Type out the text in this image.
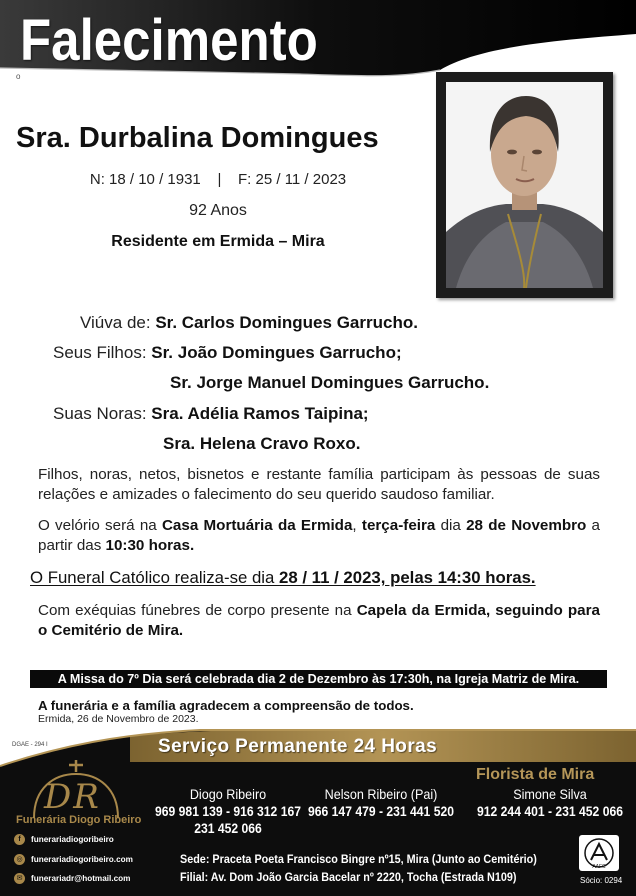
Falecimento
o
Sra. Durbalina Domingues
N: 18 / 10 / 1931    |    F: 25 / 11 / 2023
92 Anos
Residente em Ermida – Mira
Viúva de: Sr. Carlos Domingues Garrucho.
Seus Filhos: Sr. João Domingues Garrucho;
Sr. Jorge Manuel Domingues Garrucho.
Suas Noras: Sra. Adélia Ramos Taipina;
Sra. Helena Cravo Roxo.
Filhos, noras, netos, bisnetos e restante família participam às pessoas de suas relações e amizades o falecimento do seu querido saudoso familiar.
O velório será na Casa Mortuária da Ermida, terça-feira dia 28 de Novembro a partir das 10:30 horas.
O Funeral Católico realiza-se dia 28 / 11 / 2023, pelas 14:30 horas.
Com exéquias fúnebres de corpo presente na Capela da Ermida, seguindo para o Cemitério de Mira.
A Missa do 7º Dia será celebrada dia 2 de Dezembro às 17:30h, na Igreja Matriz de Mira.
A funerária e a família agradecem a compreensão de todos.
Ermida, 26 de Novembro de 2023.
DGAE - 294 I	Serviço Permanente 24 Horas
DR
Funerária Diogo Ribeiro
f	funerariadiogoribeiro
◎ funerariadiogoribeiro.com
✉	funerariadr@hotmail.com
Florista de Mira
Diogo Ribeiro
969 981 139 - 916 312 167
231 452 066
Nelson Ribeiro (Pai)
966 147 479 - 231 441 520
Simone Silva
912 244 401 - 231 452 066
Sede: Praceta Poeta Francisco Bingre nº15, Mira (Junto ao Cemitério)
Filial: Av. Dom João Garcia Bacelar nº 2220, Tocha (Estrada N109)
AAFC
Sócio: 0294
